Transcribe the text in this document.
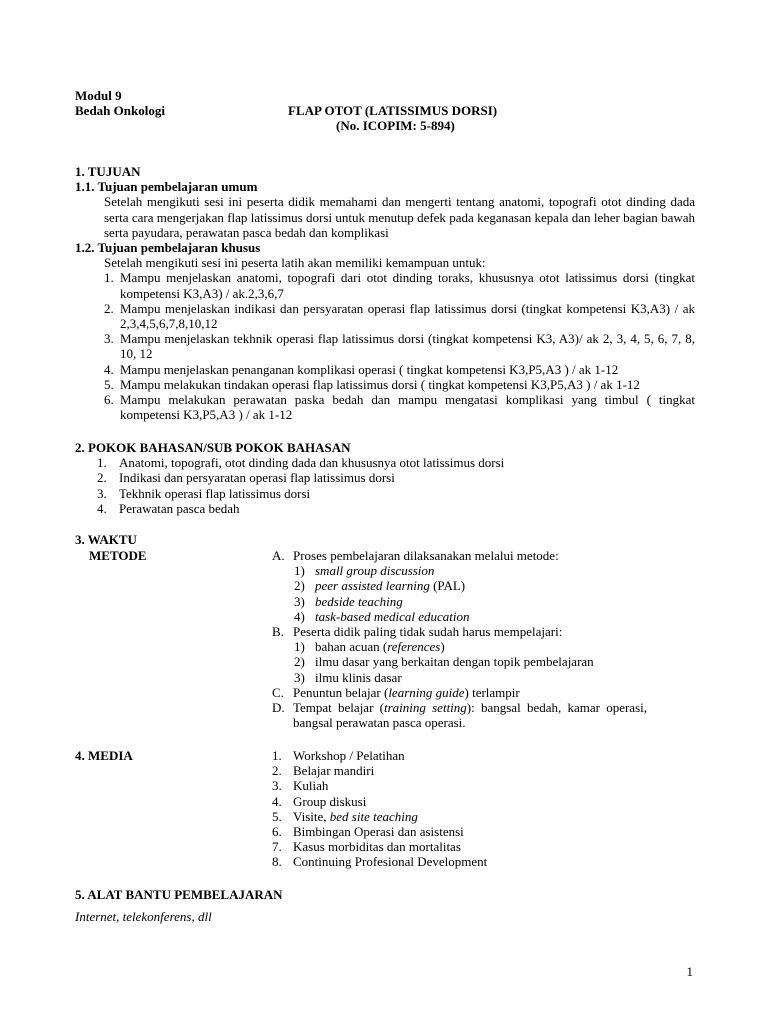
Modul 9
Bedah Onkologi	FLAP OTOT (LATISSIMUS DORSI)
(No. ICOPIM: 5-894)
1. TUJUAN
1.1. Tujuan pembelajaran umum
Setelah mengikuti sesi ini peserta didik memahami dan mengerti tentang anatomi, topografi otot dinding dada serta cara mengerjakan flap latissimus dorsi untuk menutup defek pada keganasan kepala dan leher bagian bawah serta payudara, perawatan pasca bedah dan komplikasi
1.2. Tujuan pembelajaran khusus
Setelah mengikuti sesi ini peserta latih akan memiliki kemampuan untuk:
1. Mampu menjelaskan anatomi, topografi dari otot dinding toraks, khususnya otot latissimus dorsi (tingkat kompetensi K3,A3) / ak.2,3,6,7
2. Mampu menjelaskan indikasi dan persyaratan operasi flap latissimus dorsi (tingkat kompetensi K3,A3) / ak 2,3,4,5,6,7,8,10,12
3. Mampu menjelaskan tekhnik operasi flap latissimus dorsi (tingkat kompetensi K3, A3)/ ak 2, 3, 4, 5, 6, 7, 8, 10, 12
4. Mampu menjelaskan penanganan komplikasi operasi ( tingkat kompetensi K3,P5,A3 ) / ak 1-12
5. Mampu melakukan tindakan operasi flap latissimus dorsi ( tingkat kompetensi K3,P5,A3 ) / ak 1-12
6. Mampu melakukan perawatan paska bedah dan mampu mengatasi komplikasi yang timbul ( tingkat kompetensi K3,P5,A3 ) / ak 1-12
2. POKOK BAHASAN/SUB POKOK BAHASAN
1. Anatomi, topografi, otot dinding dada dan khususnya otot latissimus dorsi
2. Indikasi dan persyaratan operasi flap latissimus dorsi
3. Tekhnik operasi flap latissimus dorsi
4. Perawatan pasca bedah
3. WAKTU
METODE	A. Proses pembelajaran dilaksanakan melalui metode:
1) small group discussion
2) peer assisted learning (PAL)
3) bedside teaching
4) task-based medical education
B. Peserta didik paling tidak sudah harus mempelajari:
1) bahan acuan (references)
2) ilmu dasar yang berkaitan dengan topik pembelajaran
3) ilmu klinis dasar
C. Penuntun belajar (learning guide) terlampir
D. Tempat belajar (training setting): bangsal bedah, kamar operasi, bangsal perawatan pasca operasi.
4. MEDIA	1. Workshop / Pelatihan
2. Belajar mandiri
3. Kuliah
4. Group diskusi
5. Visite, bed site teaching
6. Bimbingan Operasi dan asistensi
7. Kasus morbiditas dan mortalitas
8. Continuing Profesional Development
5. ALAT BANTU PEMBELAJARAN
Internet, telekonferens, dll
1
